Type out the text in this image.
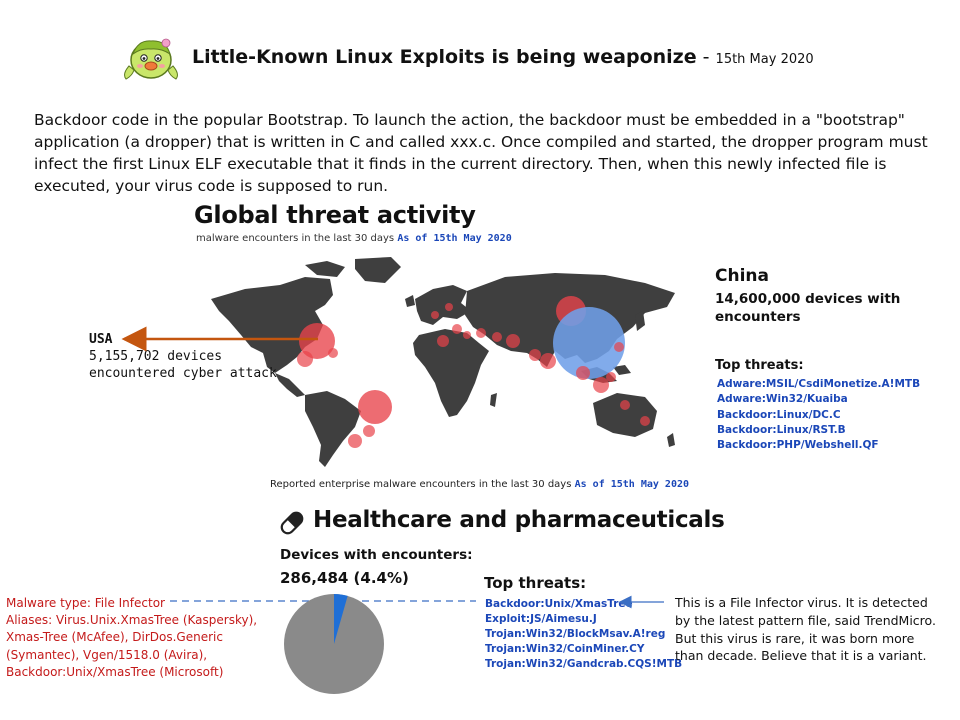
Little-Known Linux Exploits is being weaponize - 15th May 2020
Backdoor code in the popular Bootstrap. To launch the action, the backdoor must be embedded in a "bootstrap" application (a dropper) that is written in C and called xxx.c. Once compiled and started, the dropper program must infect the first Linux ELF executable that it finds in the current directory. Then, when this newly infected file is executed, your virus code is supposed to run.
Global threat activity
malware encounters in the last 30 days As of 15th May 2020
USA
5,155,702 devices
encountered cyber attack
China
14,600,000 devices with encounters
Top threats:
Adware:MSIL/CsdiMonetize.A!MTB
Adware:Win32/Kuaiba
Backdoor:Linux/DC.C
Backdoor:Linux/RST.B
Backdoor:PHP/Webshell.QF
Reported enterprise malware encounters in the last 30 days As of 15th May 2020
Healthcare and pharmaceuticals
Devices with encounters:
286,484 (4.4%)	Top threats:
Backdoor:Unix/XmasTree
Exploit:JS/Aimesu.J
Trojan:Win32/BlockMsav.A!reg
Trojan:Win32/CoinMiner.CY
Trojan:Win32/Gandcrab.CQS!MTB
Malware type: File Infector
Aliases: Virus.Unix.XmasTree (Kaspersky), Xmas-Tree (McAfee), DirDos.Generic (Symantec), Vgen/1518.0 (Avira), Backdoor:Unix/XmasTree (Microsoft)
This is a File Infector virus. It is detected by the latest pattern file, said TrendMicro.
But this virus is rare, it was born more than decade. Believe that it is a variant.
